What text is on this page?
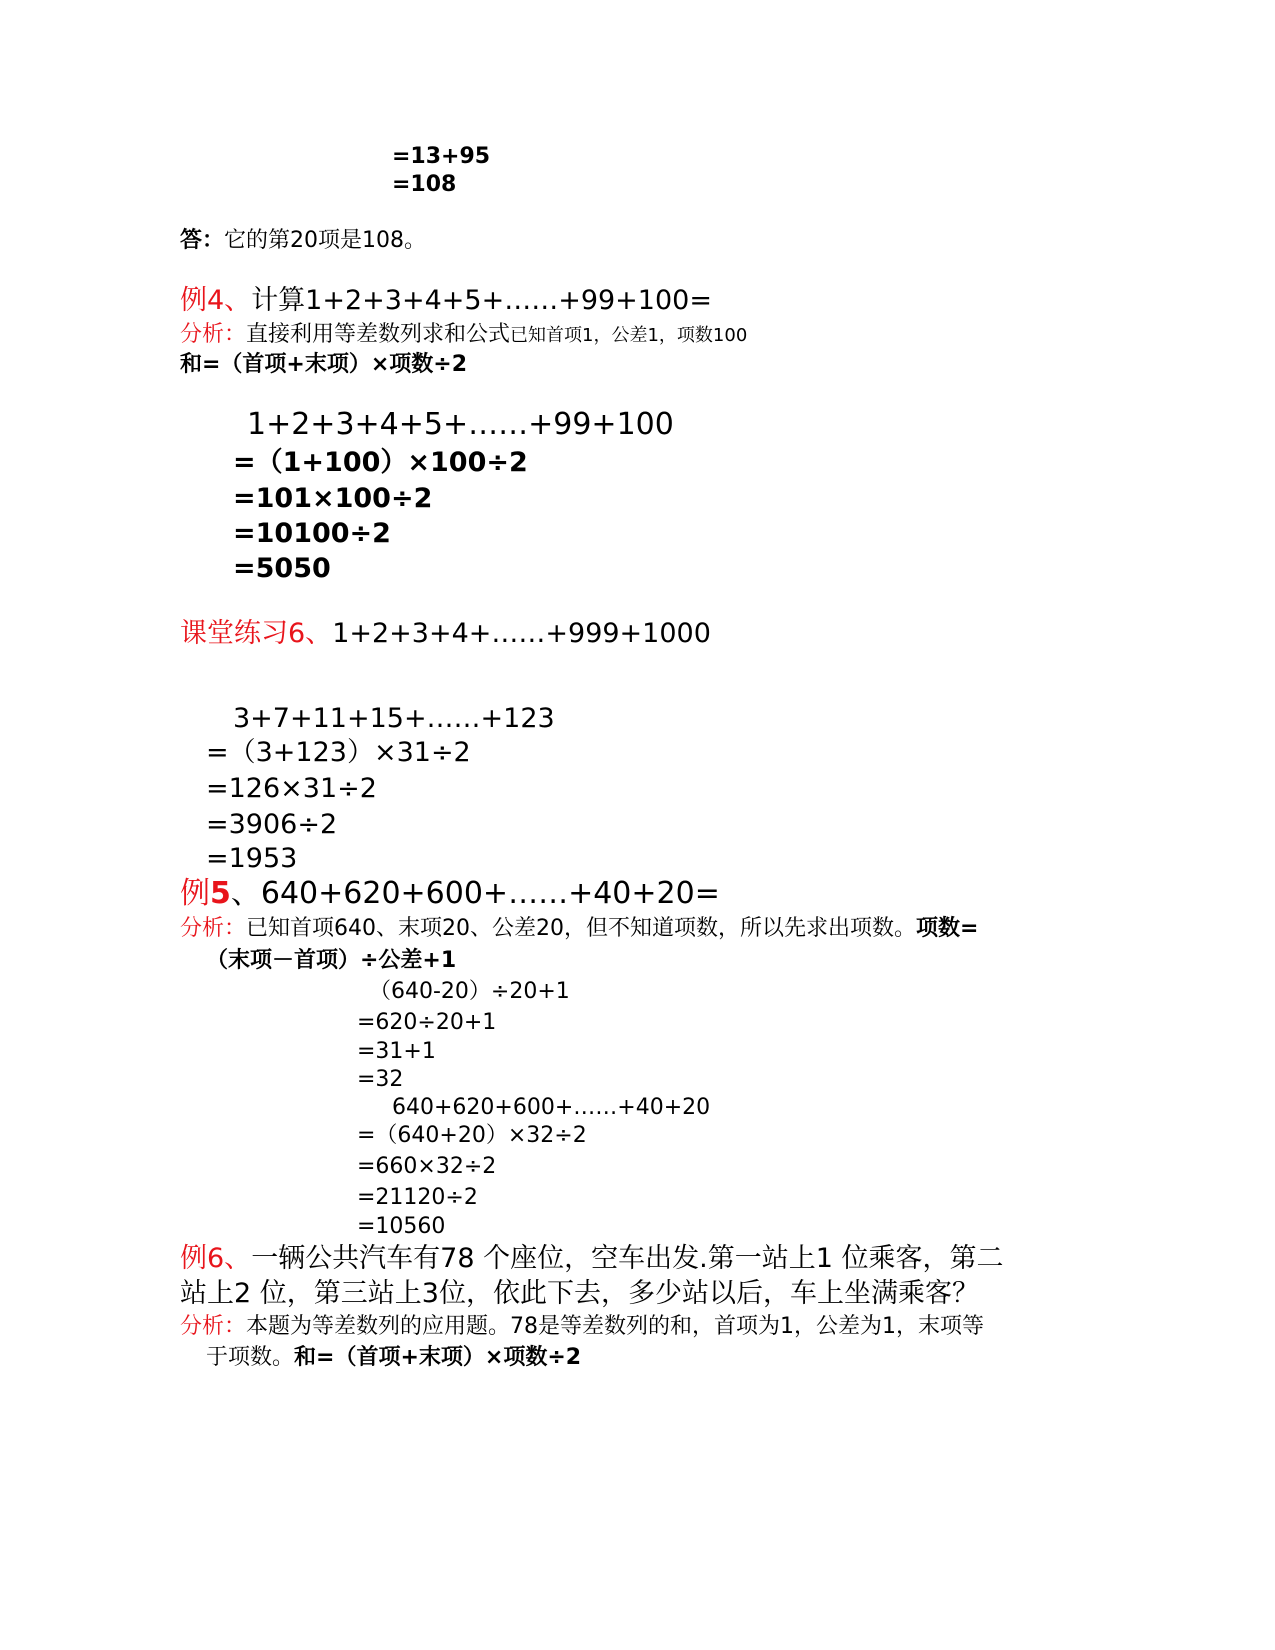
=13+95
=108
答：它的第20项是108。
例4、计算1+2+3+4+5+……+99+100=
分析：直接利用等差数列求和公式已知首项1，公差1，项数100
和=（首项+末项）×项数÷2
1+2+3+4+5+……+99+100
=（1+100）×100÷2
=101×100÷2
=10100÷2
=5050
课堂练习6、1+2+3+4+……+999+1000
3+7+11+15+……+123
=（3+123）×31÷2
=126×31÷2
=3906÷2
=1953
例5、640+620+600+……+40+20=
分析：已知首项640、末项20、公差20，但不知道项数，所以先求出项数。项数=
（末项－首项）÷公差+1
（640-20）÷20+1
=620÷20+1
=31+1
=32
640+620+600+……+40+20
=（640+20）×32÷2
=660×32÷2
=21120÷2
=10560
例6、一辆公共汽车有78 个座位，空车出发.第一站上1 位乘客，第二
站上2 位，第三站上3位，依此下去，多少站以后，车上坐满乘客？
分析：本题为等差数列的应用题。78是等差数列的和，首项为1，公差为1，末项等
于项数。和=（首项+末项）×项数÷2
